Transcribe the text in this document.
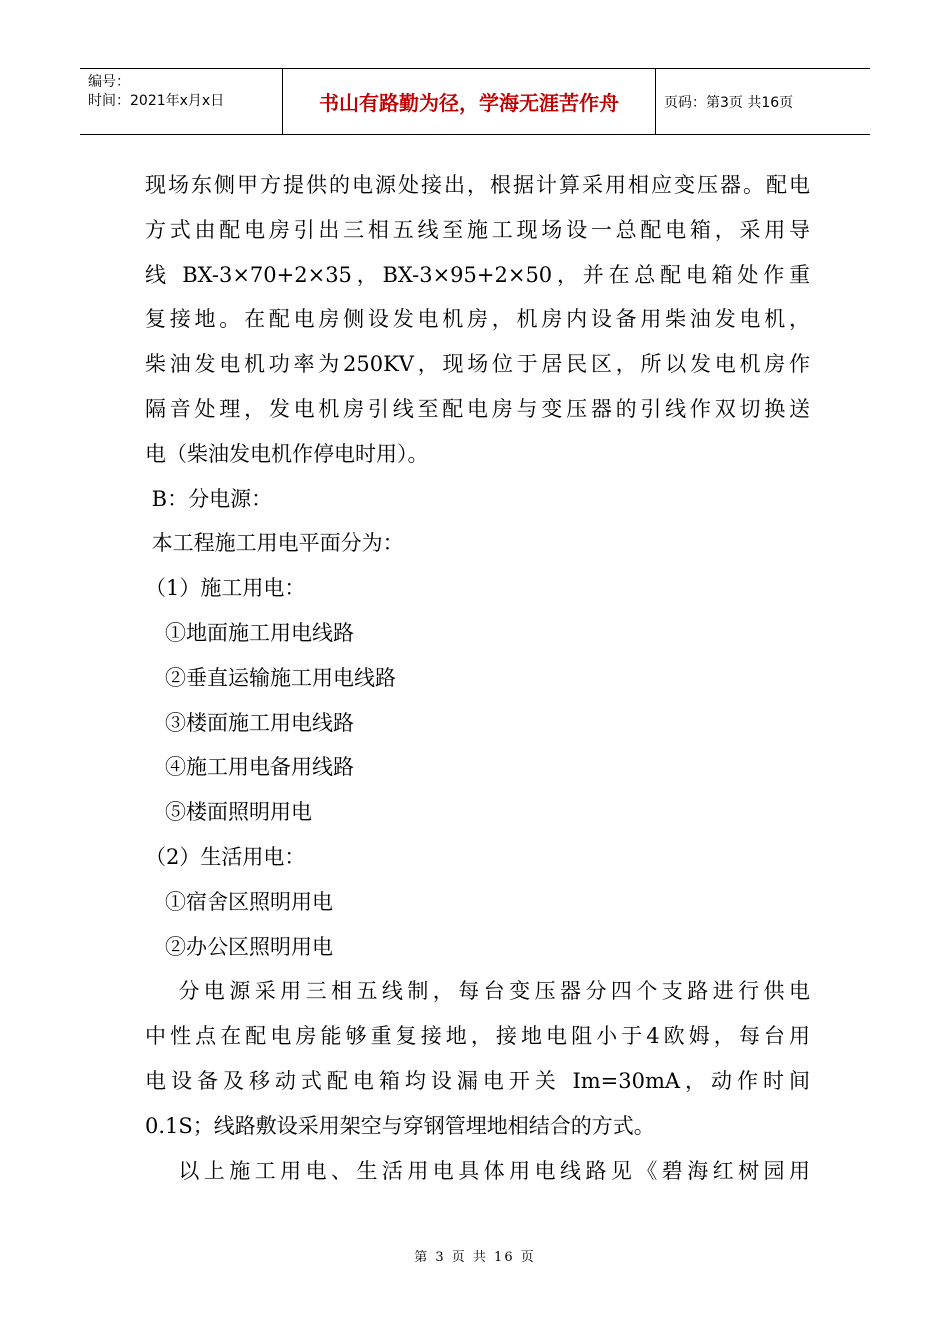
编号：
时间：2021年x月x日	书山有路勤为径，学海无涯苦作舟	页码：第3页 共16页
现场东侧甲方提供的电源处接出，根据计算采用相应变压器。配电
方式由配电房引出三相五线至施工现场设一总配电箱，采用导
线 BX-3×70+2×35，BX-3×95+2×50，并在总配电箱处作重
复接地。在配电房侧设发电机房，机房内设备用柴油发电机，
柴油发电机功率为250KV，现场位于居民区，所以发电机房作
隔音处理，发电机房引线至配电房与变压器的引线作双切换送
电（柴油发电机作停电时用）。
B：分电源：
本工程施工用电平面分为：
（1）施工用电：
①地面施工用电线路
②垂直运输施工用电线路
③楼面施工用电线路
④施工用电备用线路
⑤楼面照明用电
（2）生活用电：
①宿舍区照明用电
②办公区照明用电
分电源采用三相五线制，每台变压器分四个支路进行供电
中性点在配电房能够重复接地，接地电阻小于4欧姆，每台用
电设备及移动式配电箱均设漏电开关 Im=30mA，动作时间
0.1S；线路敷设采用架空与穿钢管埋地相结合的方式。
以上施工用电、生活用电具体用电线路见《碧海红树园用
第 3 页 共 16 页
